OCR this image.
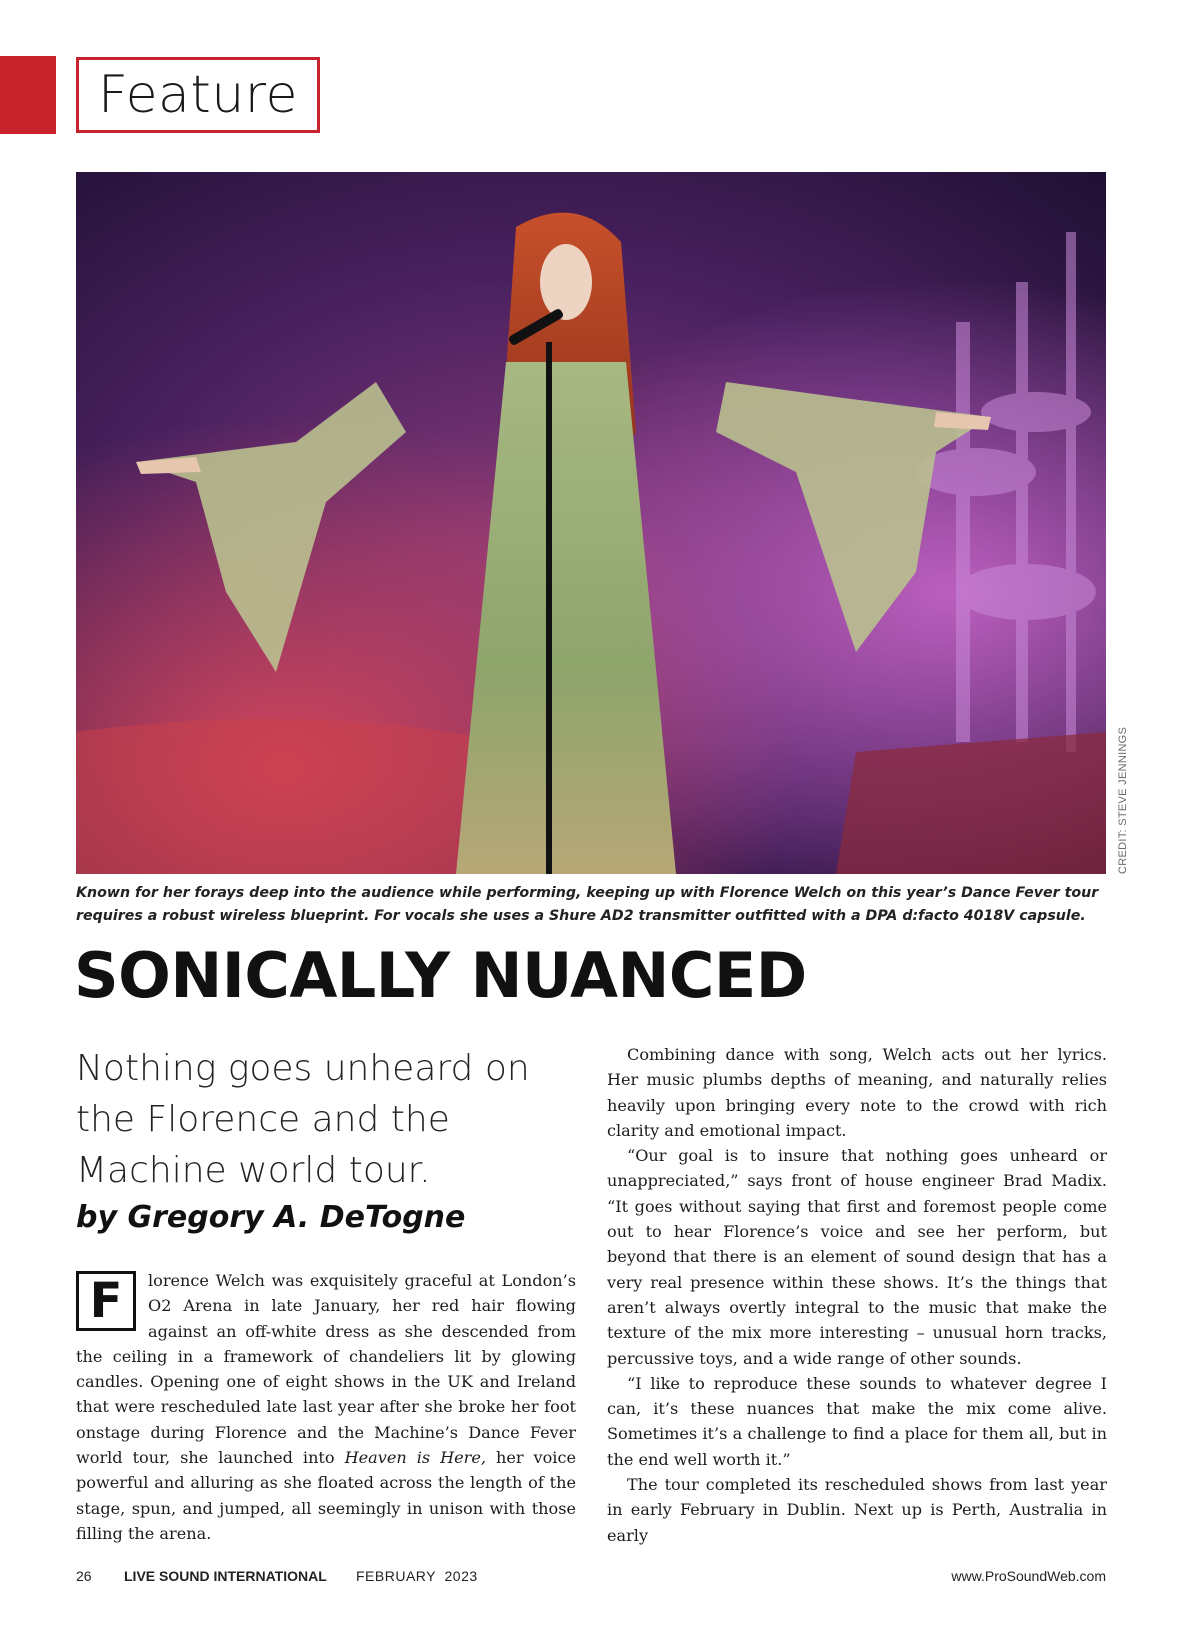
Feature
CREDIT: STEVE JENNINGS

Known for her forays deep into the audience while performing, keeping up with Florence Welch on this year’s Dance Fever tour requires a robust wireless blueprint. For vocals she uses a Shure AD2 transmitter outfitted with a DPA d:facto 4018V capsule.

SONICALLY NUANCED

Nothing goes unheard on the Florence and the Machine world tour.

by Gregory A. DeTogne

F	lorence Welch was exquisitely graceful at London’s O2 Arena in late January, her red hair flowing against an off-white dress as she descended from the ceiling in a framework of chandeliers lit by glowing candles. Opening one of eight shows in the UK and Ireland that were rescheduled late last year after she broke her foot onstage during Florence and the Machine’s Dance Fever world tour, she launched into Heaven is Here, her voice powerful and alluring as she floated across the length of the stage, spun, and jumped, all seemingly in unison with those filling the arena.

Combining dance with song, Welch acts out her lyrics. Her music plumbs depths of meaning, and naturally relies heavily upon bringing every note to the crowd with rich clarity and emotional impact.

“Our goal is to insure that nothing goes unheard or unappreciated,” says front of house engineer Brad Madix. “It goes without saying that first and foremost people come out to hear Florence’s voice and see her perform, but beyond that there is an element of sound design that has a very real presence within these shows. It’s the things that aren’t always overtly integral to the music that make the texture of the mix more interesting – unusual horn tracks, percussive toys, and a wide range of other sounds.

“I like to reproduce these sounds to whatever degree I can, it’s these nuances that make the mix come alive. Sometimes it’s a challenge to find a place for them all, but in the end well worth it.”

The tour completed its rescheduled shows from last year in early February in Dublin. Next up is Perth, Australia in early

26 LIVE SOUND INTERNATIONAL FEBRUARY  2023	www.ProSoundWeb.com
